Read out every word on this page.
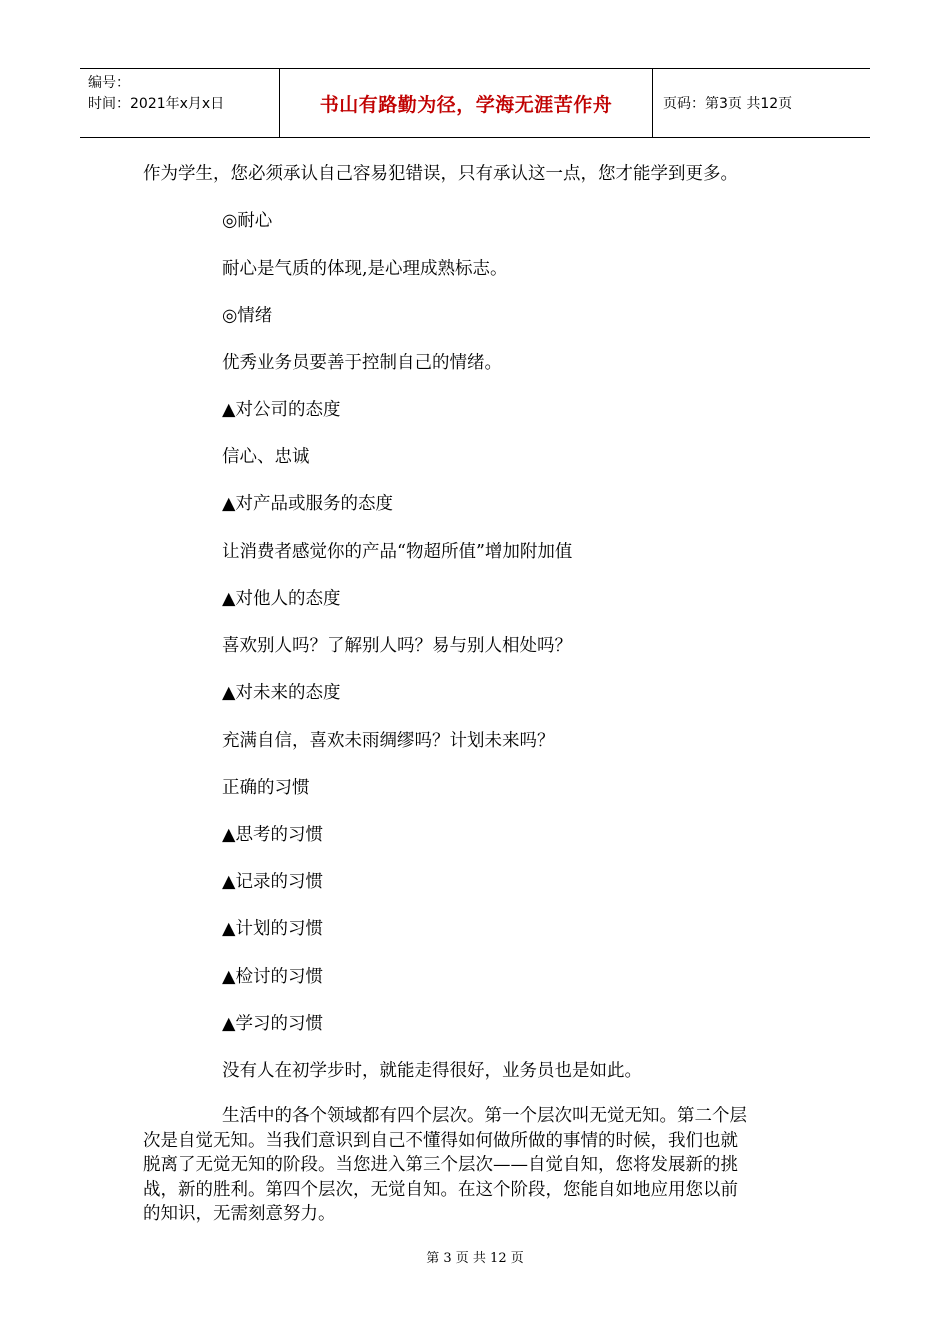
编号：
时间：2021年x月x日	书山有路勤为径，学海无涯苦作舟	页码：第3页 共12页
作为学生，您必须承认自己容易犯错误，只有承认这一点，您才能学到更多。
◎耐心
耐心是气质的体现,是心理成熟标志。
◎情绪
优秀业务员要善于控制自己的情绪。
▲对公司的态度
信心、忠诚
▲对产品或服务的态度
让消费者感觉你的产品“物超所值”增加附加值
▲对他人的态度
喜欢别人吗？了解别人吗？易与别人相处吗？
▲对未来的态度
充满自信，喜欢未雨绸缪吗？计划未来吗？
正确的习惯
▲思考的习惯
▲记录的习惯
▲计划的习惯
▲检讨的习惯
▲学习的习惯
没有人在初学步时，就能走得很好，业务员也是如此。
生活中的各个领域都有四个层次。第一个层次叫无觉无知。第二个层
次是自觉无知。当我们意识到自己不懂得如何做所做的事情的时候，我们也就
脱离了无觉无知的阶段。当您进入第三个层次——自觉自知，您将发展新的挑
战，新的胜利。第四个层次，无觉自知。在这个阶段，您能自如地应用您以前
的知识，无需刻意努力。
第 3 页 共 12 页
